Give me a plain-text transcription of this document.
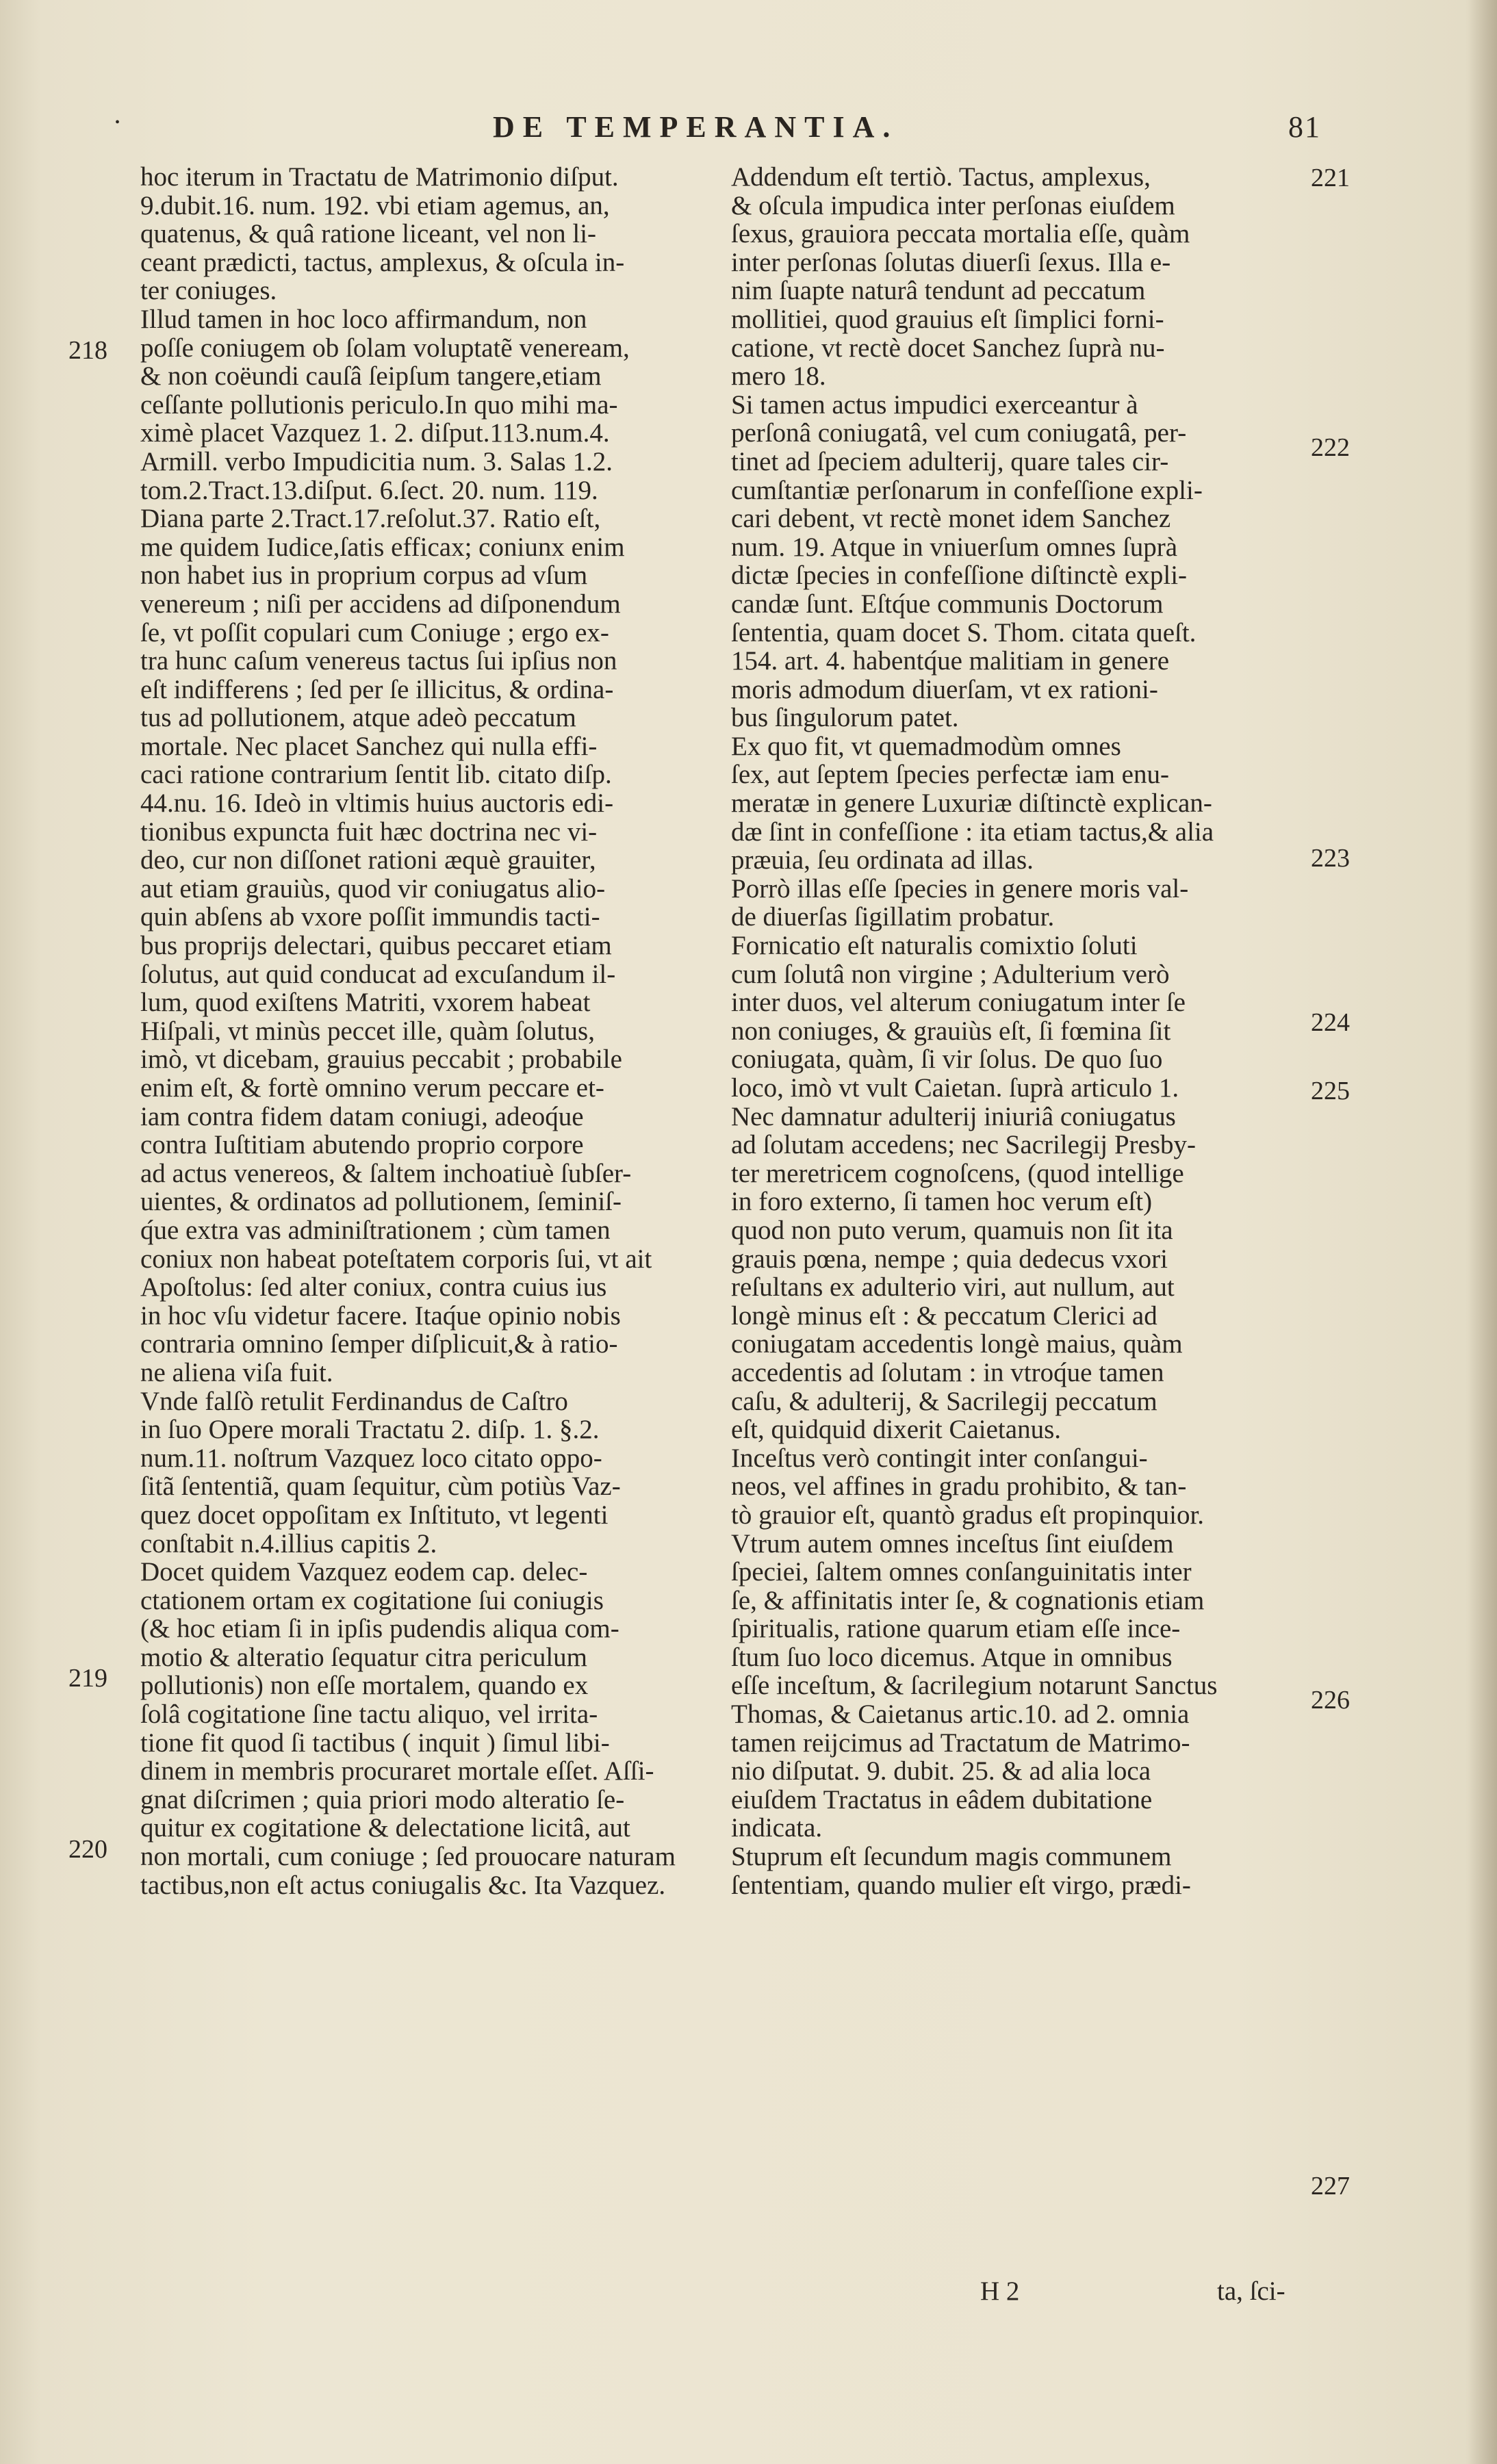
•	DE TEMPERANTIA.	81
218
219
220
221
222
223
224
225
226
227
hoc iterum in Tractatu de Matrimonio diſput.
9.dubit.16. num. 192. vbi etiam agemus, an,
quatenus, & quâ ratione liceant, vel non li-
ceant prædicti, tactus, amplexus, & oſcula in-
ter coniuges.
Illud tamen in hoc loco affirmandum, non
poſſe coniugem ob ſolam voluptatẽ veneream,
& non coëundi cauſâ ſeipſum tangere,etiam
ceſſante pollutionis periculo.In quo mihi ma-
ximè placet Vazquez 1. 2. diſput.113.num.4.
Armill. verbo Impudicitia num. 3. Salas 1.2.
tom.2.Tract.13.diſput. 6.ſect. 20. num. 119.
Diana parte 2.Tract.17.reſolut.37. Ratio eſt,
me quidem Iudice,ſatis efficax; coniunx enim
non habet ius in proprium corpus ad vſum
venereum ; niſi per accidens ad diſponendum
ſe, vt poſſit copulari cum Coniuge ; ergo ex-
tra hunc caſum venereus tactus ſui ipſius non
eſt indifferens ; ſed per ſe illicitus, & ordina-
tus ad pollutionem, atque adeò peccatum
mortale. Nec placet Sanchez qui nulla effi-
caci ratione contrarium ſentit lib. citato diſp.
44.nu. 16. Ideò in vltimis huius auctoris edi-
tionibus expuncta fuit hæc doctrina nec vi-
deo, cur non diſſonet rationi æquè grauiter,
aut etiam grauiùs, quod vir coniugatus alio-
quin abſens ab vxore poſſit immundis tacti-
bus proprijs delectari, quibus peccaret etiam
ſolutus, aut quid conducat ad excuſandum il-
lum, quod exiſtens Matriti, vxorem habeat
Hiſpali, vt minùs peccet ille, quàm ſolutus,
imò, vt dicebam, grauius peccabit ; probabile
enim eſt, & fortè omnino verum peccare et-
iam contra fidem datam coniugi, adeoq́ue
contra Iuſtitiam abutendo proprio corpore
ad actus venereos, & ſaltem inchoatiuè ſubſer-
uientes, & ordinatos ad pollutionem, ſeminiſ-
q́ue extra vas adminiſtrationem ; cùm tamen
coniux non habeat poteſtatem corporis ſui, vt ait
Apoſtolus: ſed alter coniux, contra cuius ius
in hoc vſu videtur facere. Itaq́ue opinio nobis
contraria omnino ſemper diſplicuit,& à ratio-
ne aliena viſa fuit.
Vnde falſò retulit Ferdinandus de Caſtro
in ſuo Opere morali Tractatu 2. diſp. 1. §.2.
num.11. noſtrum Vazquez loco citato oppo-
ſitã ſententiã, quam ſequitur, cùm potiùs Vaz-
quez docet oppoſitam ex Inſtituto, vt legenti
conſtabit n.4.illius capitis 2.
Docet quidem Vazquez eodem cap. delec-
ctationem ortam ex cogitatione ſui coniugis
(& hoc etiam ſi in ipſis pudendis aliqua com-
motio & alteratio ſequatur citra periculum
pollutionis) non eſſe mortalem, quando ex
ſolâ cogitatione ſine tactu aliquo, vel irrita-
tione fit quod ſi tactibus ( inquit ) ſimul libi-
dinem in membris procuraret mortale eſſet. Aſſi-
gnat diſcrimen ; quia priori modo alteratio ſe-
quitur ex cogitatione & delectatione licitâ, aut
non mortali, cum coniuge ; ſed prouocare naturam
tactibus,non eſt actus coniugalis &c. Ita Vazquez.
Addendum eſt tertiò. Tactus, amplexus,
& oſcula impudica inter perſonas eiuſdem
ſexus, grauiora peccata mortalia eſſe, quàm
inter perſonas ſolutas diuerſi ſexus. Illa e-
nim ſuapte naturâ tendunt ad peccatum
mollitiei, quod grauius eſt ſimplici forni-
catione, vt rectè docet Sanchez ſuprà nu-
mero 18.
Si tamen actus impudici exerceantur à
perſonâ coniugatâ, vel cum coniugatâ, per-
tinet ad ſpeciem adulterij, quare tales cir-
cumſtantiæ perſonarum in confeſſione expli-
cari debent, vt rectè monet idem Sanchez
num. 19. Atque in vniuerſum omnes ſuprà
dictæ ſpecies in confeſſione diſtinctè expli-
candæ ſunt. Eſtq́ue communis Doctorum
ſententia, quam docet S. Thom. citata queſt.
154. art. 4. habentq́ue malitiam in genere
moris admodum diuerſam, vt ex rationi-
bus ſingulorum patet.
Ex quo fit, vt quemadmodùm omnes
ſex, aut ſeptem ſpecies perfectæ iam enu-
meratæ in genere Luxuriæ diſtinctè explican-
dæ ſint in confeſſione : ita etiam tactus,& alia
præuia, ſeu ordinata ad illas.
Porrò illas eſſe ſpecies in genere moris val-
de diuerſas ſigillatim probatur.
Fornicatio eſt naturalis comixtio ſoluti
cum ſolutâ non virgine ; Adulterium verò
inter duos, vel alterum coniugatum inter ſe
non coniuges, & grauiùs eſt, ſi fœmina ſit
coniugata, quàm, ſi vir ſolus. De quo ſuo
loco, imò vt vult Caietan. ſuprà articulo 1.
Nec damnatur adulterij iniuriâ coniugatus
ad ſolutam accedens; nec Sacrilegij Presby-
ter meretricem cognoſcens, (quod intellige
in foro externo, ſi tamen hoc verum eſt)
quod non puto verum, quamuis non ſit ita
grauis pœna, nempe ; quia dedecus vxori
reſultans ex adulterio viri, aut nullum, aut
longè minus eſt : & peccatum Clerici ad
coniugatam accedentis longè maius, quàm
accedentis ad ſolutam : in vtroq́ue tamen
caſu, & adulterij, & Sacrilegij peccatum
eſt, quidquid dixerit Caietanus.
Inceſtus verò contingit inter conſangui-
neos, vel affines in gradu prohibito, & tan-
tò grauior eſt, quantò gradus eſt propinquior.
Vtrum autem omnes inceſtus ſint eiuſdem
ſpeciei, ſaltem omnes conſanguinitatis inter
ſe, & affinitatis inter ſe, & cognationis etiam
ſpiritualis, ratione quarum etiam eſſe ince-
ſtum ſuo loco dicemus. Atque in omnibus
eſſe inceſtum, & ſacrilegium notarunt Sanctus
Thomas, & Caietanus artic.10. ad 2. omnia
tamen reijcimus ad Tractatum de Matrimo-
nio diſputat. 9. dubit. 25. & ad alia loca
eiuſdem Tractatus in eâdem dubitatione
indicata.
Stuprum eſt ſecundum magis communem
ſententiam, quando mulier eſt virgo, prædi-
H 2	ta, ſci-
